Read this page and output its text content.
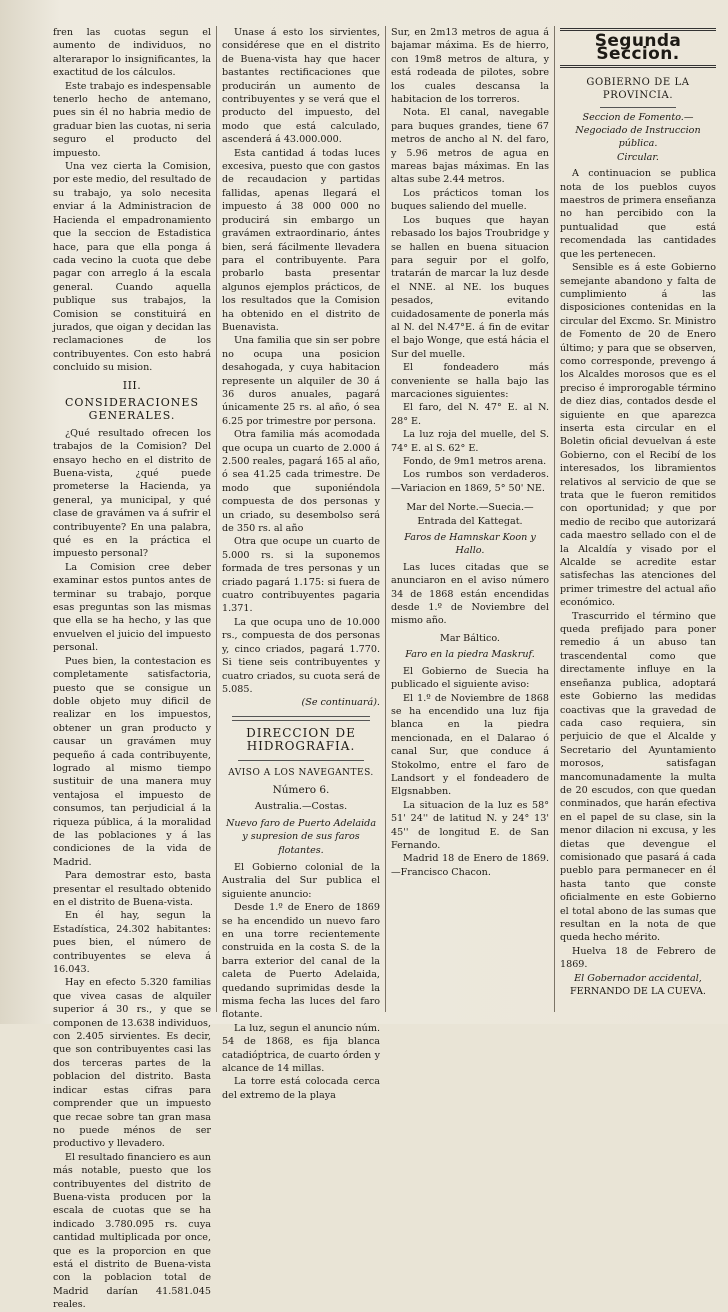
fren las cuotas segun el aumento de individuos, no alterarapor lo insignificantes, la exactitud de los cálculos.

Este trabajo es indespensable tenerlo hecho de antemano, pues sin él no habria medio de graduar bien las cuotas, ni seria seguro el producto del impuesto.

Una vez cierta la Comision, por este medio, del resultado de su trabajo, ya solo necesita enviar á la Administracion de Hacienda el empadronamiento que la seccion de Estadistica hace, para que ella ponga á cada vecino la cuota que debe pagar con arreglo á la escala general. Cuando aquella publique sus trabajos, la Comision se constituirá en jurados, que oigan y decidan las reclamaciones de los contribuyentes. Con esto habrá concluido su mision.

III.
CONSIDERACIONES GENERALES.

¿Qué resultado ofrecen los trabajos de la Comision? Del ensayo hecho en el distrito de Buena-vista, ¿qué puede prometerse la Hacienda, ya general, ya municipal, y qué clase de gravámen va á sufrir el contribuyente? En una palabra, qué es en la práctica el impuesto personal?

La Comision cree deber examinar estos puntos antes de terminar su trabajo, porque esas preguntas son las mismas que ella se ha hecho, y las que envuelven el juicio del impuesto personal.

Pues bien, la contestacion es completamente satisfactoria, puesto que se consigue un doble objeto muy dificil de realizar en los impuestos, obtener un gran producto y causar un gravámen muy pequeño á cada contribuyente, logrado al mismo tiempo sustituir de una manera muy ventajosa el impuesto de consumos, tan perjudicial á la riqueza pública, á la moralidad de las poblaciones y á las condiciones de la vida de Madrid.

Para demostrar esto, basta presentar el resultado obtenido en el distrito de Buena-vista.

En él hay, segun la Estadística, 24.302 habitantes: pues bien, el número de contribuyentes se eleva á 16.043.

Hay en efecto 5.320 familias que vivea casas de alquiler superior á 30 rs., y que se componen de 13.638 individuos, con 2.405 sirvientes. Es decir, que son contribuyentes casi las dos terceras partes de la poblacion del distrito. Basta indicar estas cifras para comprender que un impuesto que recae sobre tan gran masa no puede ménos de ser productivo y llevadero.

El resultado financiero es aun más notable, puesto que los contribuyentes del distrito de Buena-vista producen por la escala de cuotas que se ha indicado 3.780.095 rs. cuya cantidad multiplicada por once, que es la proporcion en que está el distrito de Buena-vista con la poblacion total de Madrid darían 41.581.045 reales.

Unase á esto los sirvientes, considérese que en el distrito de Buena-vista hay que hacer bastantes rectificaciones que producirán un aumento de contribuyentes y se verá que el producto del impuesto, del modo que está calculado, ascenderá á 43.000.000.

Esta cantidad á todas luces excesiva, puesto que con gastos de recaudacion y partidas fallidas, apenas llegará el impuesto á 38 000 000 no producirá sin embargo un gravámen extraordinario, ántes bien, será fácilmente llevadera para el contribuyente. Para probarlo basta presentar algunos ejemplos prácticos, de los resultados que la Comision ha obtenido en el distrito de Buenavista.

Una familia que sin ser pobre no ocupa una posicion desahogada, y cuya habitacion represente un alquiler de 30 á 36 duros anuales, pagará únicamente 25 rs. al año, ó sea 6.25 por trimestre por persona.

Otra familia más acomodada que ocupa un cuarto de 2.000 á 2.500 reales, pagará 165 al año, ó sea 41.25 cada trimestre. De modo que suponiéndola compuesta de dos personas y un criado, su desembolso será de 350 rs. al año

Otra que ocupe un cuarto de 5.000 rs. si la suponemos formada de tres personas y un criado pagará 1.175: si fuera de cuatro contribuyentes pagaria 1.371.

La que ocupa uno de 10.000 rs., compuesta de dos personas y, cinco criados, pagará 1.770. Si tiene seis contribuyentes y cuatro criados, su cuota será de 5.085.

(Se continuará).
DIRECCION DE HIDROGRAFIA.
AVISO A LOS NAVEGANTES.
Número 6.
Australia.—Costas.
Nuevo faro de Puerto Adelaida y supresion de sus faros flotantes.

El Gobierno colonial de la Australia del Sur publica el siguiente anuncio:

Desde 1.º de Enero de 1869 se ha encendido un nuevo faro en una torre recientemente construida en la costa S. de la barra exterior del canal de la caleta de Puerto Adelaida, quedando suprimidas desde la misma fecha las luces del faro flotante.

La luz, segun el anuncio núm. 54 de 1868, es fija blanca catadióptrica, de cuarto órden y alcance de 14 millas.

La torre está colocada cerca del extremo de la playa

Sur, en 2m13 metros de agua á bajamar máxima. Es de hierro, con 19m8 metros de altura, y está rodeada de pilotes, sobre los cuales descansa la habitacion de los torreros.

Nota. El canal, navegable para buques grandes, tiene 67 metros de ancho al N. del faro, y 5.96 metros de agua en mareas bajas máximas. En las altas sube 2.44 metros.

Los prácticos toman los buques saliendo del muelle.

Los buques que hayan rebasado los bajos Troubridge y se hallen en buena situacion para seguir por el golfo, tratarán de marcar la luz desde el NNE. al NE. los buques pesados, evitando cuidadosamente de ponerla más al N. del N.47°E. á fin de evitar el bajo Wonge, que está hácia el Sur del muelle.

El fondeadero más conveniente se halla bajo las marcaciones siguientes:

El faro, del N. 47° E. al N. 28° E.

La luz roja del muelle, del S. 74° E. al S. 62° E.

Fondo, de 9m1 metros arena.

Los rumbos son verdaderos.—Variacion en 1869, 5° 50' NE.

Mar del Norte.—Suecia.—Entrada del Kattegat.
Faros de Hamnskar Koon y Hallo.

Las luces citadas que se anunciaron en el aviso número 34 de 1868 están encendidas desde 1.º de Noviembre del mismo año.

Mar Báltico.
Faro en la piedra Maskruf.

El Gobierno de Suecia ha publicado el siguiente aviso:

El 1.º de Noviembre de 1868 se ha encendido una luz fija blanca en la piedra mencionada, en el Dalarao ó canal Sur, que conduce á Stokolmo, entre el faro de Landsort y el fondeadero de Elgsnabben.

La situacion de la luz es 58° 51' 24'' de latitud N. y 24° 13' 45'' de longitud E. de San Fernando.

Madrid 18 de Enero de 1869.—Francisco Chacon.

Segunda Seccion.
GOBIERNO DE LA PROVINCIA.
Seccion de Fomento.—Negociado de Instruccion pública.
Circular.

A continuacion se publica nota de los pueblos cuyos maestros de primera enseñanza no han percibido con la puntualidad que está recomendada las cantidades que les pertenecen.

Sensible es á este Gobierno semejante abandono y falta de cumplimiento á las disposiciones contenidas en la circular del Excmo. Sr. Ministro de Fomento de 20 de Enero último; y para que se observen, como corresponde, prevengo á los Alcaldes morosos que es el preciso é improrogable término de diez dias, contados desde el siguiente en que aparezca inserta esta circular en el Boletin oficial devuelvan á este Gobierno, con el Recibí de los interesados, los libramientos relativos al servicio de que se trata que le fueron remitidos con oportunidad; y que por medio de recibo que autorizará cada maestro sellado con el de la Alcaldía y visado por el Alcalde se acredite estar satisfechas las atenciones del primer trimestre del actual año económico.

Trascurrido el término que queda prefijado para poner remedio á un abuso tan trascendental como que directamente influye en la enseñanza publica, adoptará este Gobierno las medidas coactivas que la gravedad de cada caso requiera, sin perjuicio de que el Alcalde y Secretario del Ayuntamiento morosos, satisfagan mancomunadamente la multa de 20 escudos, con que quedan conminados, que harán efectiva en el papel de su clase, sin la menor dilacion ni excusa, y les dietas que devengue el comisionado que pasará á cada pueblo para permanecer en él hasta tanto que conste oficialmente en este Gobierno el total abono de las sumas que resultan en la nota de que queda hecho mérito.

Huelva 18 de Febrero de 1869.

El Gobernador accidental,
FERNANDO DE LA CUEVA.
